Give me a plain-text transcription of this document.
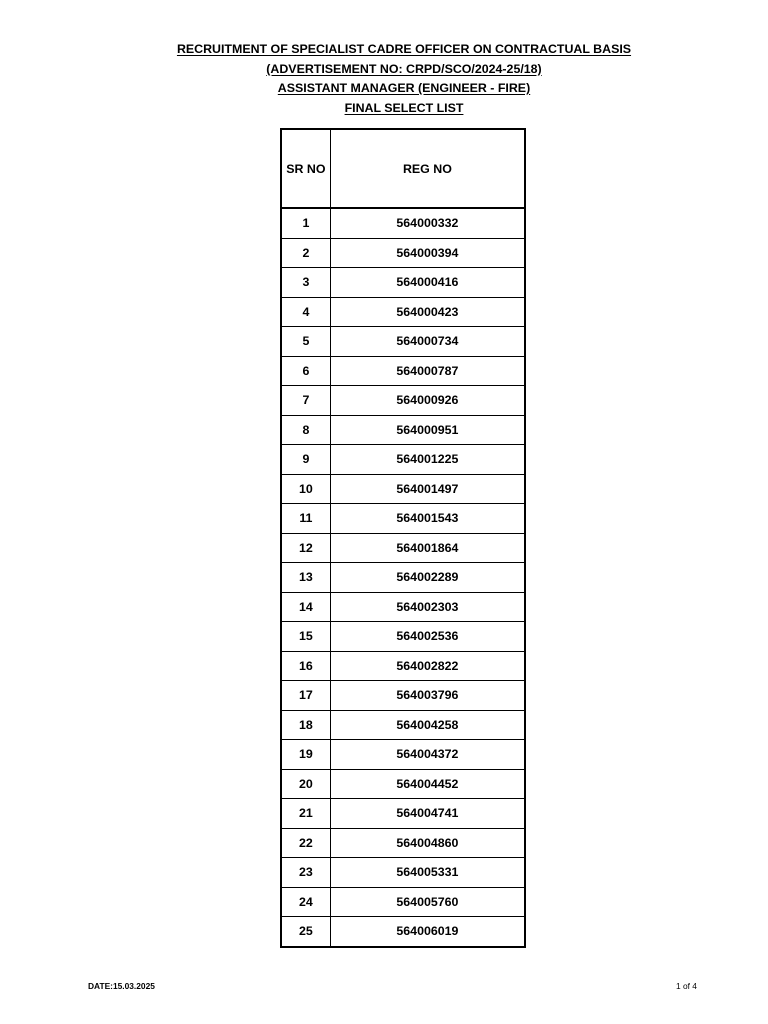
RECRUITMENT OF SPECIALIST CADRE OFFICER ON CONTRACTUAL BASIS
(ADVERTISEMENT NO: CRPD/SCO/2024-25/18)
ASSISTANT MANAGER (ENGINEER - FIRE)
FINAL SELECT LIST
SR NO	REG NO
1	564000332
2	564000394
3	564000416
4	564000423
5	564000734
6	564000787
7	564000926
8	564000951
9	564001225
10	564001497
11	564001543
12	564001864
13	564002289
14	564002303
15	564002536
16	564002822
17	564003796
18	564004258
19	564004372
20	564004452
21	564004741
22	564004860
23	564005331
24	564005760
25	564006019
DATE:15.03.2025	1 of 4
